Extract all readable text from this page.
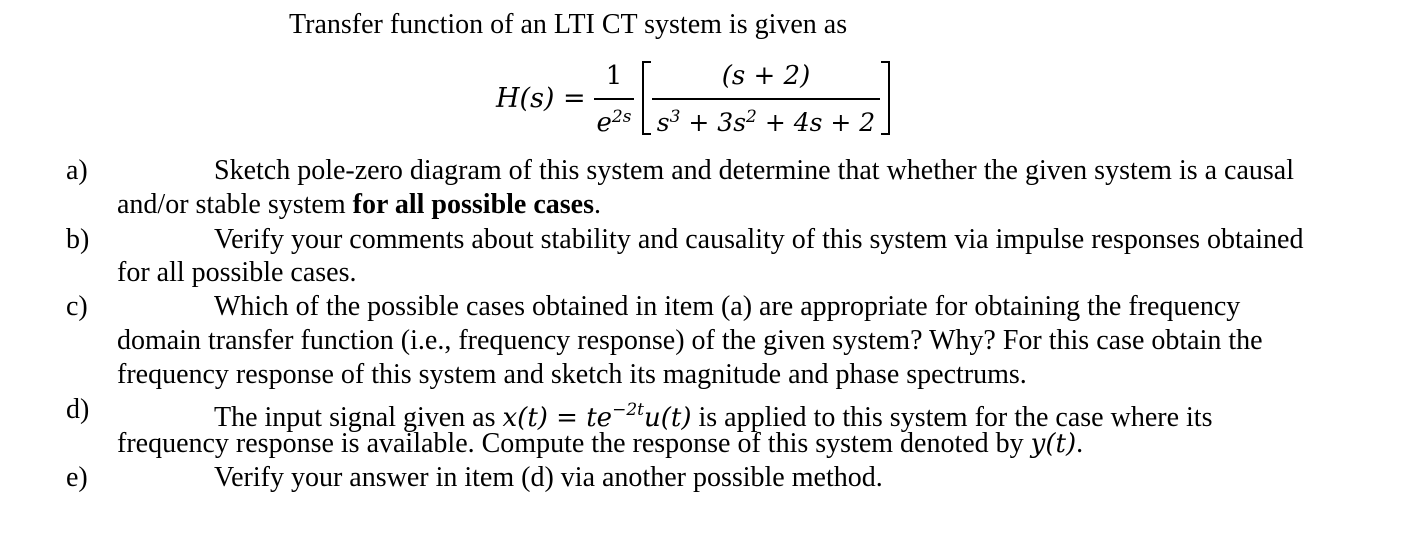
Transfer function of an LTI CT system is given as
H(s) =
1
$e^{2s}$
(s + 2)
$s^3 + 3s^2 + 4s + 2$
a)	Sketch pole-zero diagram of this system and determine that whether the given system is a causal
and/or stable system for all possible cases.
b)	Verify your comments about stability and causality of this system via impulse responses obtained
for all possible cases.
c)	Which of the possible cases obtained in item (a) are appropriate for obtaining the frequency
domain transfer function (i.e., frequency response) of the given system? Why? For this case obtain the
frequency response of this system and sketch its magnitude and phase spectrums.
d)	The input signal given as $x(t) = te^{-2t}u(t)$ is applied to this system for the case where its
frequency response is available. Compute the response of this system denoted by y(t).
e)	Verify your answer in item (d) via another possible method.
